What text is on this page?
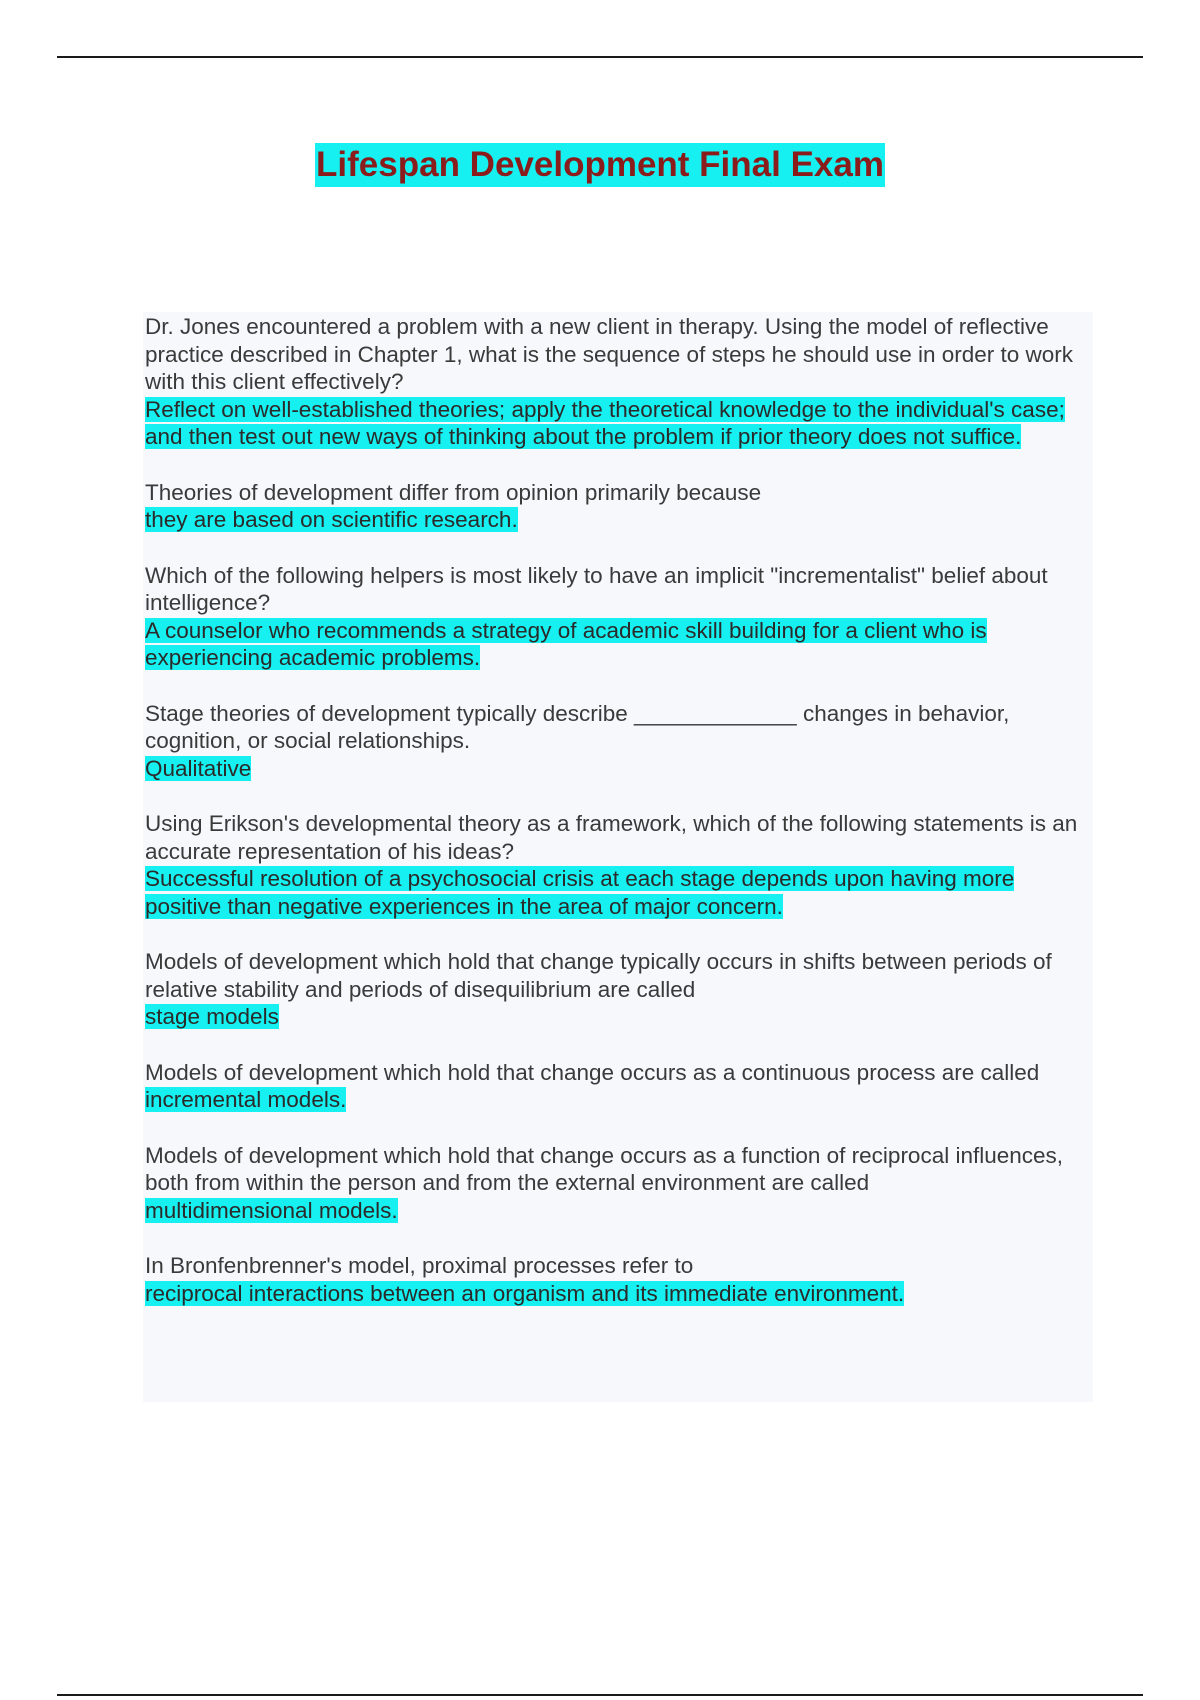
Lifespan Development Final Exam
Dr. Jones encountered a problem with a new client in therapy. Using the model of reflective practice described in Chapter 1, what is the sequence of steps he should use in order to work with this client effectively?
Reflect on well-established theories; apply the theoretical knowledge to the individual's case; and then test out new ways of thinking about the problem if prior theory does not suffice.
Theories of development differ from opinion primarily because
they are based on scientific research.
Which of the following helpers is most likely to have an implicit "incrementalist" belief about intelligence?
A counselor who recommends a strategy of academic skill building for a client who is experiencing academic problems.
Stage theories of development typically describe _____________ changes in behavior, cognition, or social relationships.
Qualitative
Using Erikson's developmental theory as a framework, which of the following statements is an accurate representation of his ideas?
Successful resolution of a psychosocial crisis at each stage depends upon having more positive than negative experiences in the area of major concern.
Models of development which hold that change typically occurs in shifts between periods of relative stability and periods of disequilibrium are called
stage models
Models of development which hold that change occurs as a continuous process are called
incremental models.
Models of development which hold that change occurs as a function of reciprocal influences, both from within the person and from the external environment are called
multidimensional models.
In Bronfenbrenner's model, proximal processes refer to
reciprocal interactions between an organism and its immediate environment.
